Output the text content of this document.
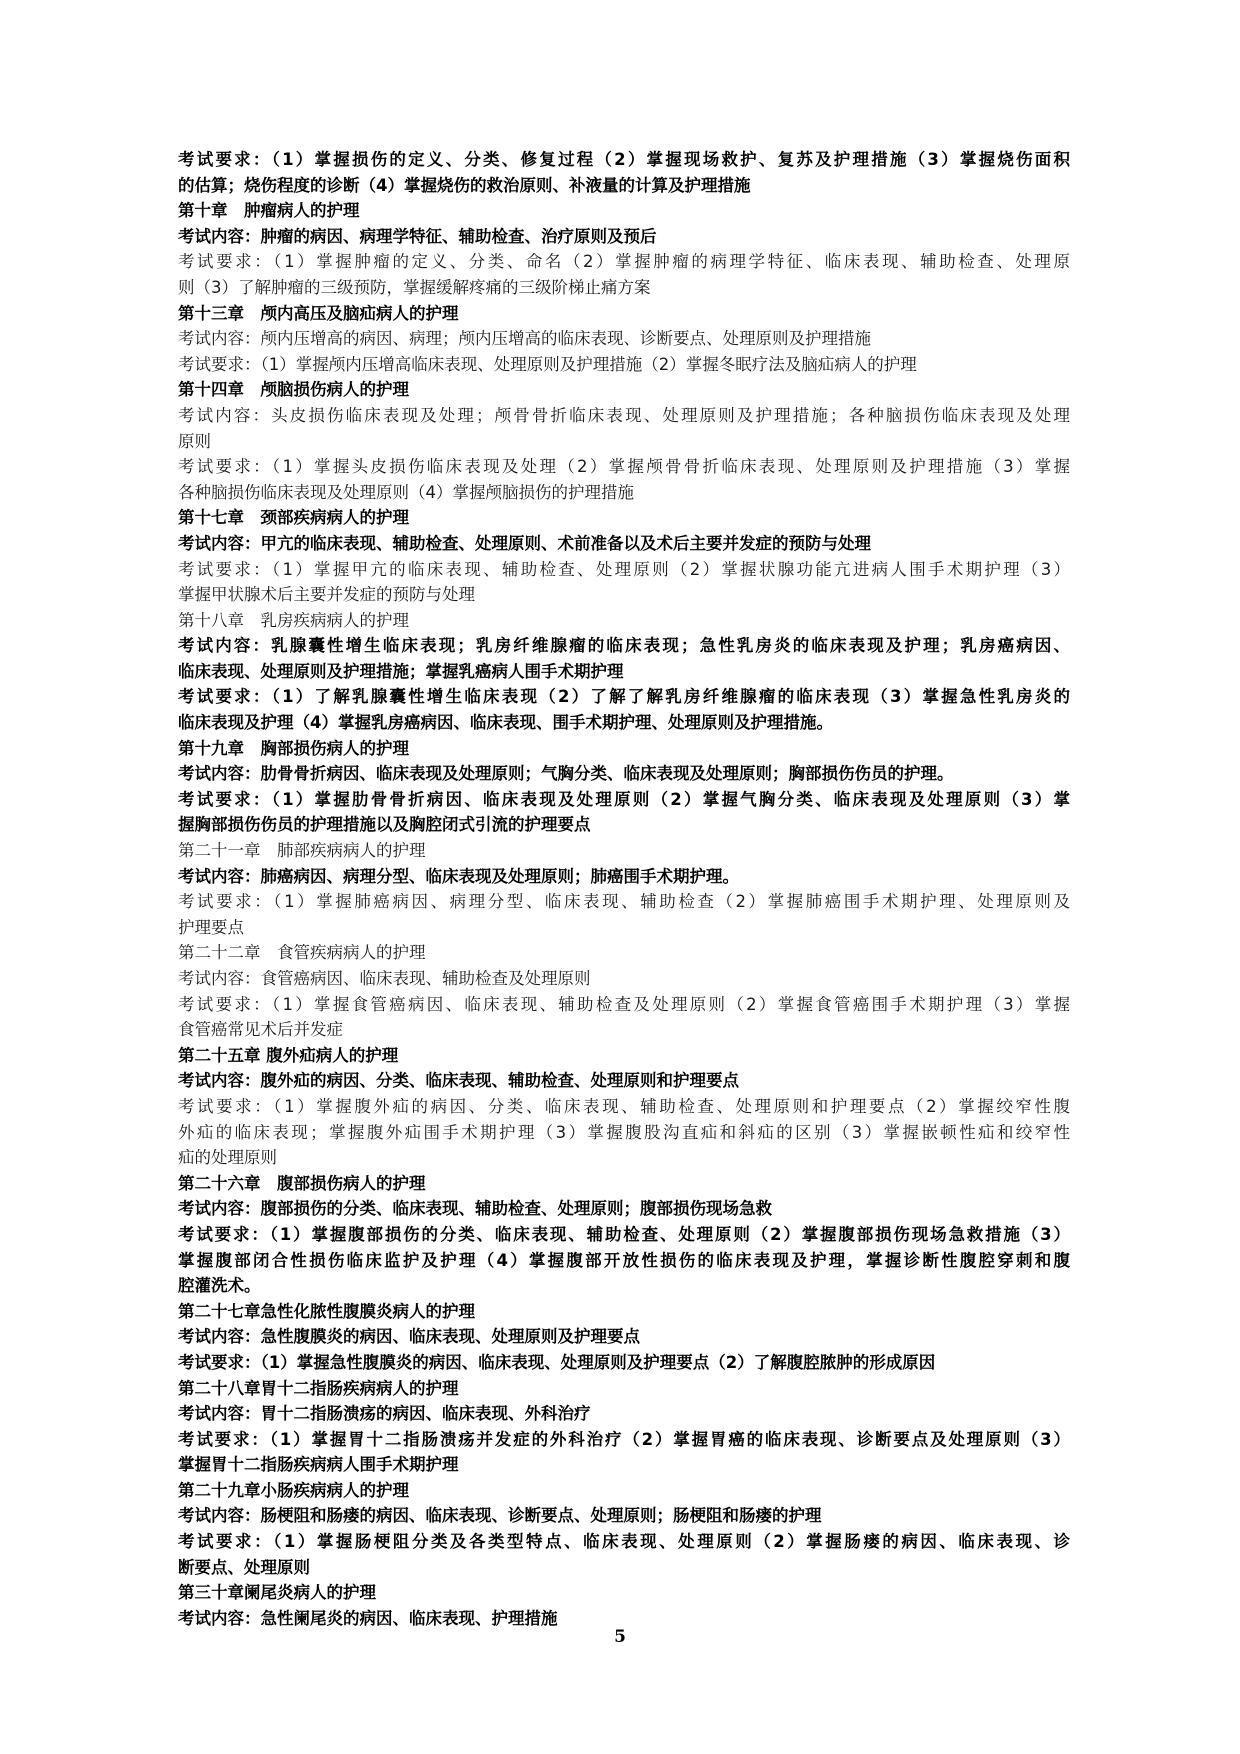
考试要求：（1）掌握损伤的定义、分类、修复过程（2）掌握现场救护、复苏及护理措施（3）掌握烧伤面积
的估算；烧伤程度的诊断（4）掌握烧伤的救治原则、补液量的计算及护理措施
第十章　肿瘤病人的护理
考试内容：肿瘤的病因、病理学特征、辅助检查、治疗原则及预后
考试要求：（1）掌握肿瘤的定义、分类、命名（2）掌握肿瘤的病理学特征、临床表现、辅助检查、处理原
则（3）了解肿瘤的三级预防，掌握缓解疼痛的三级阶梯止痛方案
第十三章　颅内高压及脑疝病人的护理
考试内容：颅内压增高的病因、病理；颅内压增高的临床表现、诊断要点、处理原则及护理措施
考试要求：（1）掌握颅内压增高临床表现、处理原则及护理措施（2）掌握冬眠疗法及脑疝病人的护理
第十四章　颅脑损伤病人的护理
考试内容：头皮损伤临床表现及处理；颅骨骨折临床表现、处理原则及护理措施；各种脑损伤临床表现及处理
原则
考试要求：（1）掌握头皮损伤临床表现及处理（2）掌握颅骨骨折临床表现、处理原则及护理措施（3）掌握
各种脑损伤临床表现及处理原则（4）掌握颅脑损伤的护理措施
第十七章　颈部疾病病人的护理
考试内容：甲亢的临床表现、辅助检查、处理原则、术前准备以及术后主要并发症的预防与处理
考试要求：（1）掌握甲亢的临床表现、辅助检查、处理原则（2）掌握状腺功能亢进病人围手术期护理（3）
掌握甲状腺术后主要并发症的预防与处理
第十八章　乳房疾病病人的护理
考试内容：乳腺囊性增生临床表现；乳房纤维腺瘤的临床表现；急性乳房炎的临床表现及护理；乳房癌病因、
临床表现、处理原则及护理措施；掌握乳癌病人围手术期护理
考试要求：（1）了解乳腺囊性增生临床表现（2）了解了解乳房纤维腺瘤的临床表现（3）掌握急性乳房炎的
临床表现及护理（4）掌握乳房癌病因、临床表现、围手术期护理、处理原则及护理措施。
第十九章　胸部损伤病人的护理
考试内容：肋骨骨折病因、临床表现及处理原则；气胸分类、临床表现及处理原则；胸部损伤伤员的护理。
考试要求：（1）掌握肋骨骨折病因、临床表现及处理原则（2）掌握气胸分类、临床表现及处理原则（3）掌
握胸部损伤伤员的护理措施以及胸腔闭式引流的护理要点
第二十一章　肺部疾病病人的护理
考试内容：肺癌病因、病理分型、临床表现及处理原则；肺癌围手术期护理。
考试要求：（1）掌握肺癌病因、病理分型、临床表现、辅助检查（2）掌握肺癌围手术期护理、处理原则及
护理要点
第二十二章　食管疾病病人的护理
考试内容：食管癌病因、临床表现、辅助检查及处理原则
考试要求：（1）掌握食管癌病因、临床表现、辅助检查及处理原则（2）掌握食管癌围手术期护理（3）掌握
食管癌常见术后并发症
第二十五章 腹外疝病人的护理
考试内容：腹外疝的病因、分类、临床表现、辅助检查、处理原则和护理要点
考试要求：（1）掌握腹外疝的病因、分类、临床表现、辅助检查、处理原则和护理要点（2）掌握绞窄性腹
外疝的临床表现；掌握腹外疝围手术期护理（3）掌握腹股沟直疝和斜疝的区别（3）掌握嵌顿性疝和绞窄性
疝的处理原则
第二十六章　腹部损伤病人的护理
考试内容：腹部损伤的分类、临床表现、辅助检查、处理原则；腹部损伤现场急救
考试要求：（1）掌握腹部损伤的分类、临床表现、辅助检查、处理原则（2）掌握腹部损伤现场急救措施（3）
掌握腹部闭合性损伤临床监护及护理（4）掌握腹部开放性损伤的临床表现及护理，掌握诊断性腹腔穿刺和腹
腔灌洗术。
第二十七章急性化脓性腹膜炎病人的护理
考试内容：急性腹膜炎的病因、临床表现、处理原则及护理要点
考试要求：（1）掌握急性腹膜炎的病因、临床表现、处理原则及护理要点（2）了解腹腔脓肿的形成原因
第二十八章胃十二指肠疾病病人的护理
考试内容：胃十二指肠溃疡的病因、临床表现、外科治疗
考试要求：（1）掌握胃十二指肠溃疡并发症的外科治疗（2）掌握胃癌的临床表现、诊断要点及处理原则（3）
掌握胃十二指肠疾病病人围手术期护理
第二十九章小肠疾病病人的护理
考试内容：肠梗阻和肠瘘的病因、临床表现、诊断要点、处理原则；肠梗阻和肠瘘的护理
考试要求：（1）掌握肠梗阻分类及各类型特点、临床表现、处理原则（2）掌握肠瘘的病因、临床表现、诊
断要点、处理原则
第三十章阑尾炎病人的护理
考试内容：急性阑尾炎的病因、临床表现、护理措施
5
